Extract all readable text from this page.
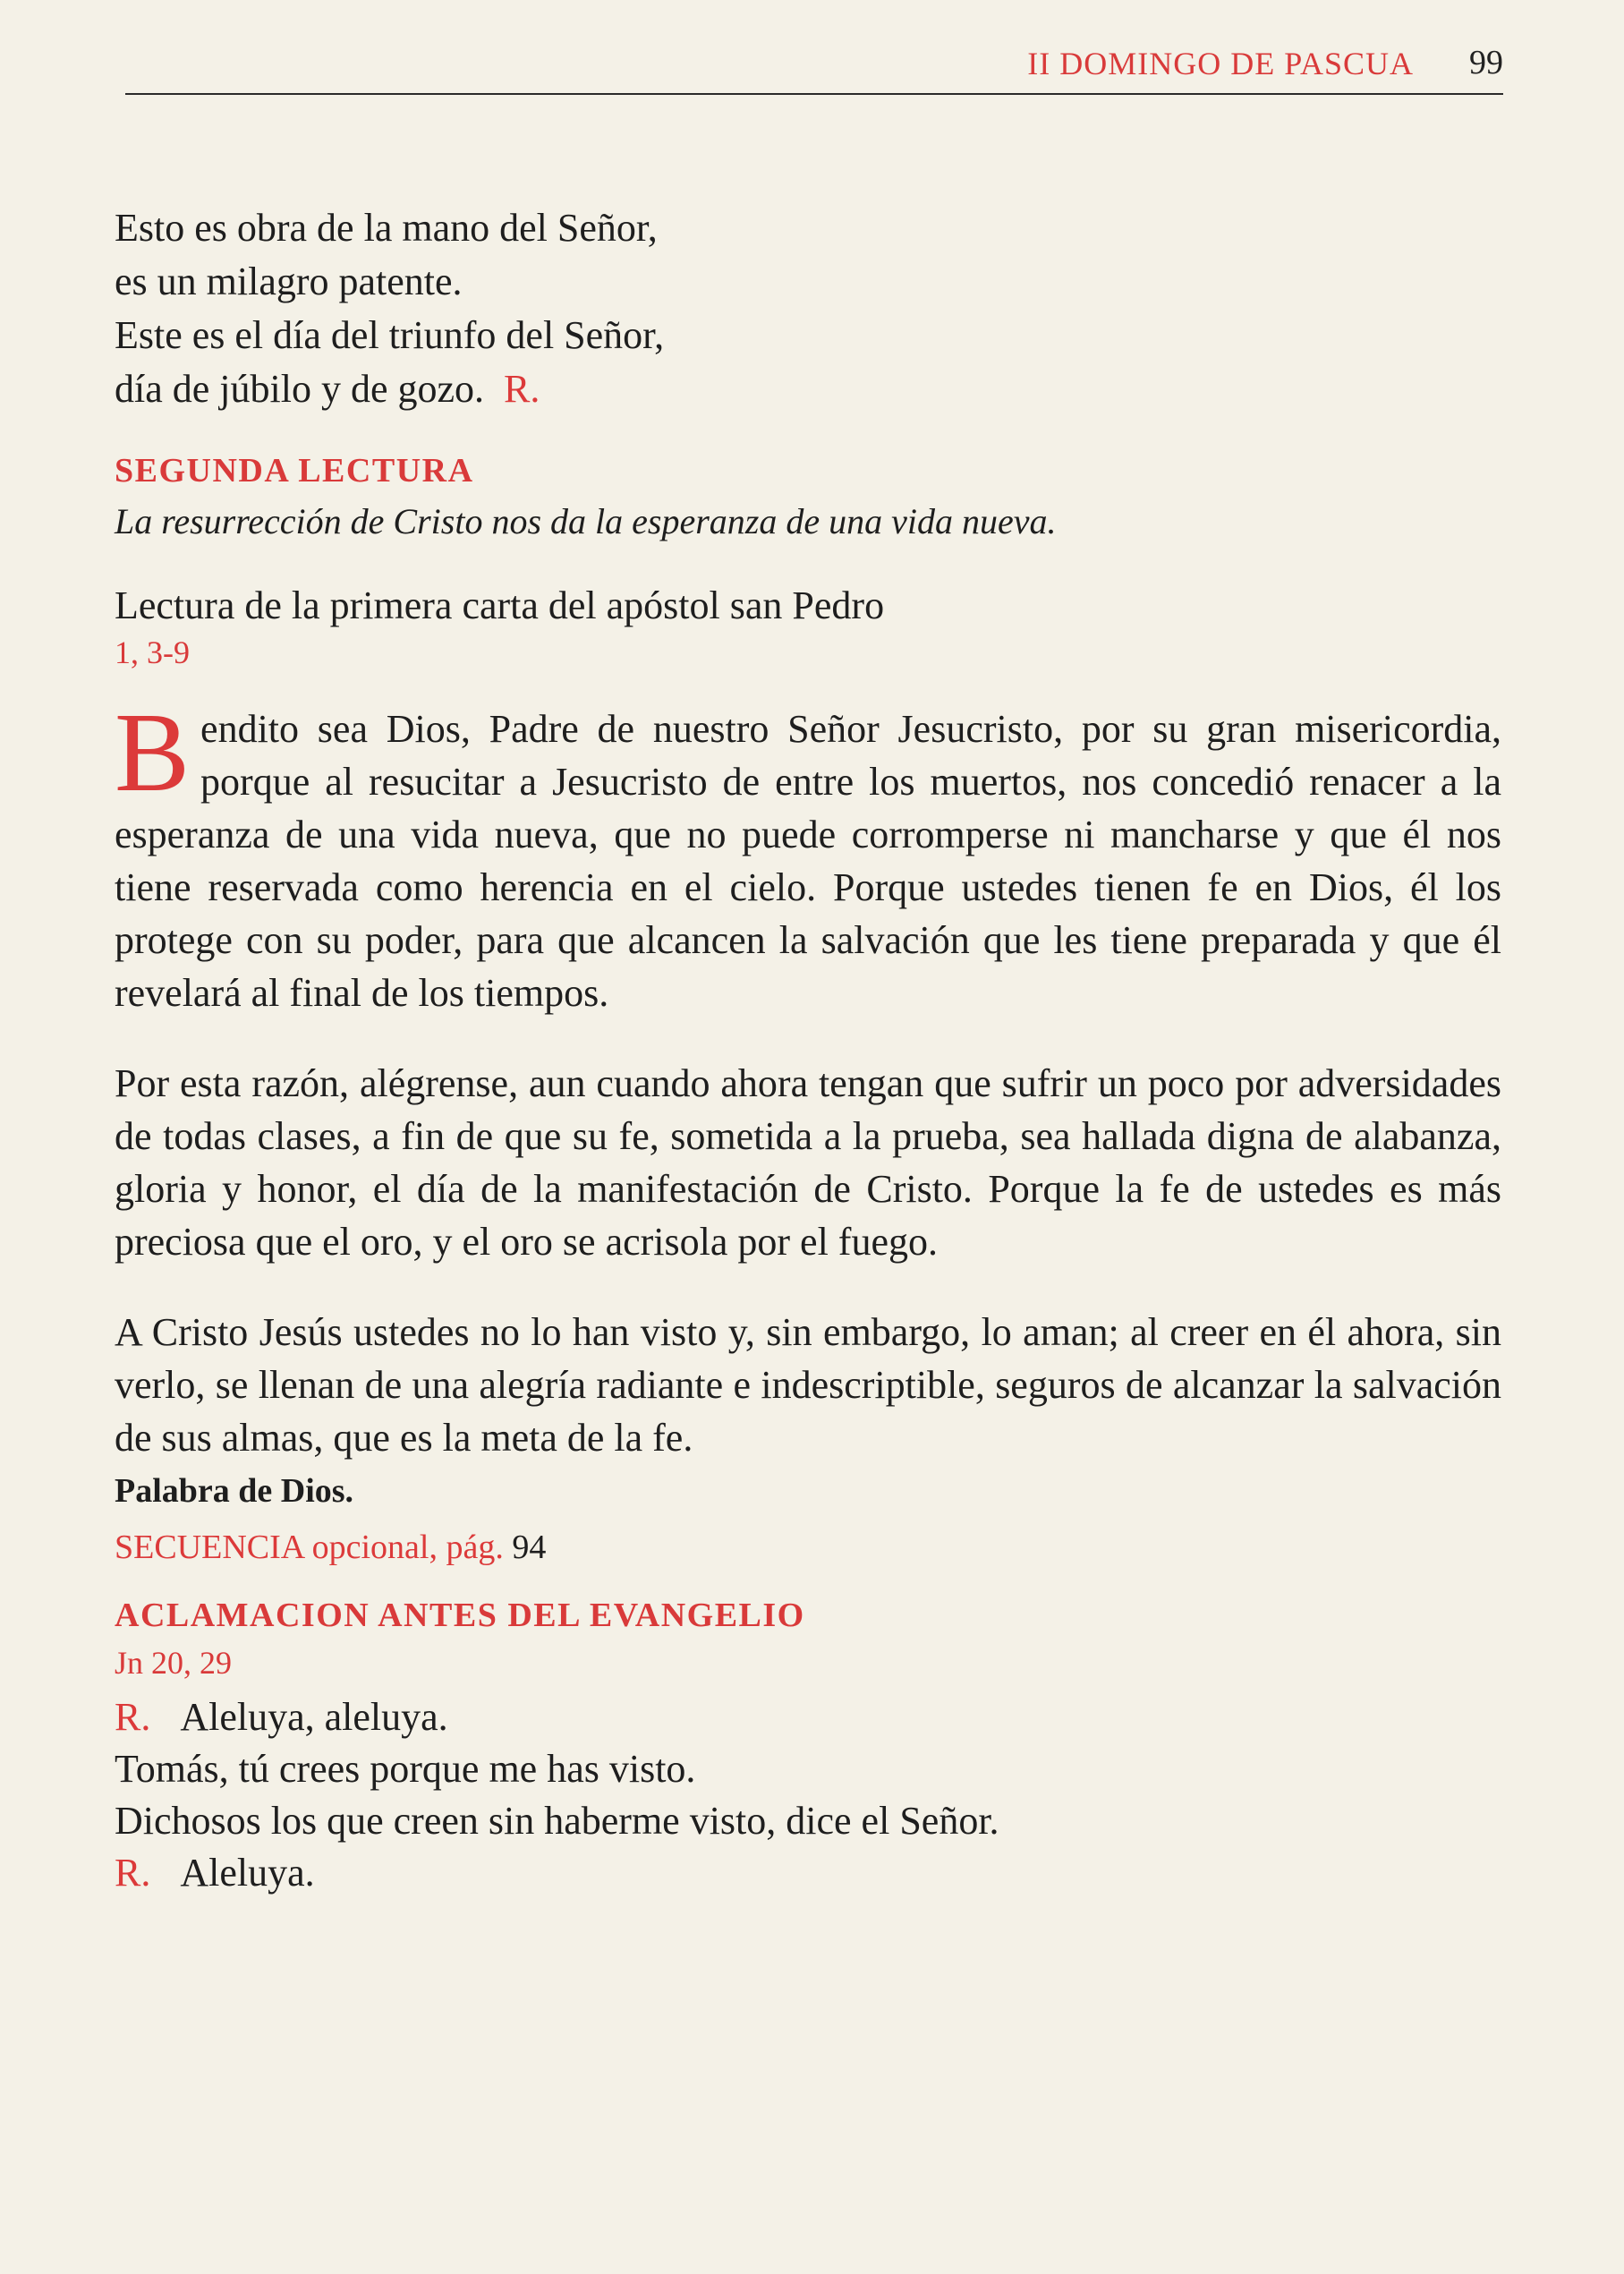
II DOMINGO DE PASCUA 99
Esto es obra de la mano del Señor,
es un milagro patente.
Este es el día del triunfo del Señor,
día de júbilo y de gozo. R.
SEGUNDA LECTURA
La resurrección de Cristo nos da la esperanza de una vida nueva.
Lectura de la primera carta del apóstol san Pedro
1, 3-9
B endito sea Dios, Padre de nuestro Señor Jesucristo, por su gran misericordia, porque al resucitar a Jesucristo de entre los muertos, nos concedió renacer a la esperanza de una vida nueva, que no puede corromperse ni mancharse y que él nos tiene reservada como herencia en el cielo. Porque ustedes tienen fe en Dios, él los protege con su poder, para que alcancen la salvación que les tiene preparada y que él revelará al final de los tiempos.

Por esta razón, alégrense, aun cuando ahora tengan que sufrir un poco por adversidades de todas clases, a fin de que su fe, sometida a la prueba, sea hallada digna de alabanza, gloria y honor, el día de la manifestación de Cristo. Porque la fe de ustedes es más preciosa que el oro, y el oro se acrisola por el fuego.

A Cristo Jesús ustedes no lo han visto y, sin embargo, lo aman; al creer en él ahora, sin verlo, se llenan de una alegría radiante e indescriptible, seguros de alcanzar la salvación de sus almas, que es la meta de la fe.

Palabra de Dios.
SECUENCIA opcional, pág. 94
ACLAMACION ANTES DEL EVANGELIO
Jn 20, 29
R. Aleluya, aleluya.
Tomás, tú crees porque me has visto.
Dichosos los que creen sin haberme visto, dice el Señor.
R. Aleluya.
